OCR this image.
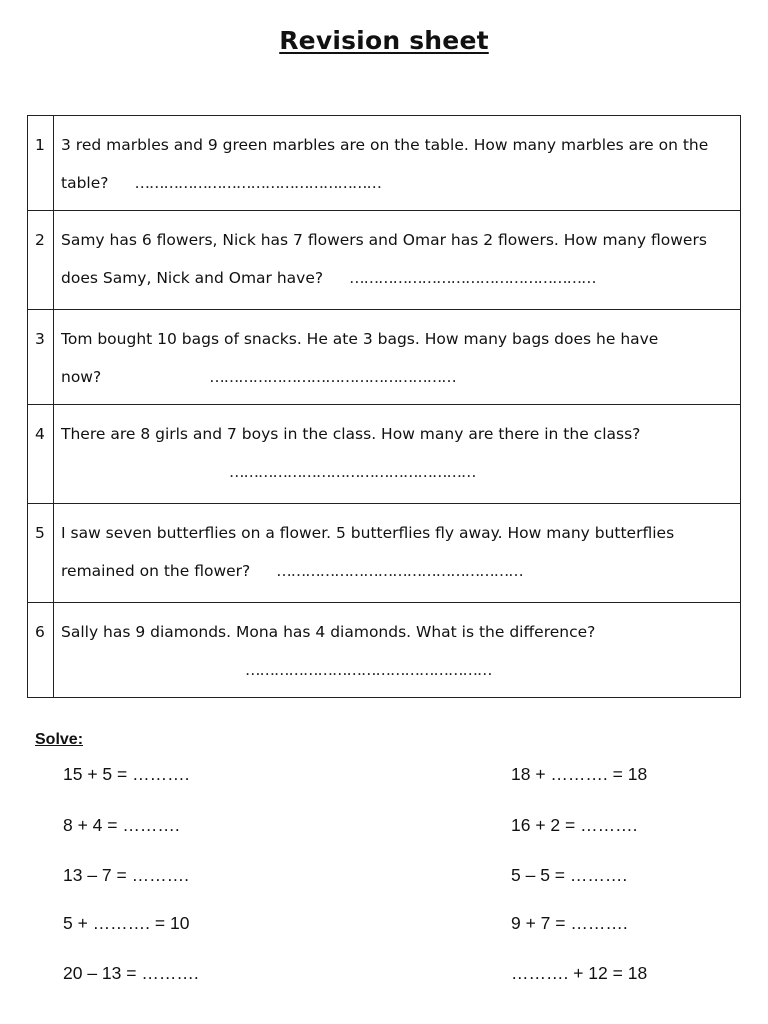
Revision sheet
1	3 red marbles and 9 green marbles are on the table. How many marbles are on the table? ……………………………………………
2	Samy has 6 flowers, Nick has 7 flowers and Omar has 2 flowers. How many flowers does Samy, Nick and Omar have? ……………………………………………
3	Tom bought 10 bags of snacks. He ate 3 bags. How many bags does he have now? ……………………………………………
4	There are 8 girls and 7 boys in the class. How many are there in the class?
……………………………………………

5	I saw seven butterflies on a flower. 5 butterflies fly away. How many butterflies remained on the flower? ……………………………………………
6	Sally has 9 diamonds. Mona has 4 diamonds. What is the difference?
……………………………………………
Solve:
15 + 5 = ……….
8 + 4 = ……….
13 – 7 = ……….
5 + ………. = 10
20 – 13 = ……….
18 + ………. = 18
16 + 2 = ……….
5 – 5 = ……….
9 + 7 = ……….
………. + 12 = 18
